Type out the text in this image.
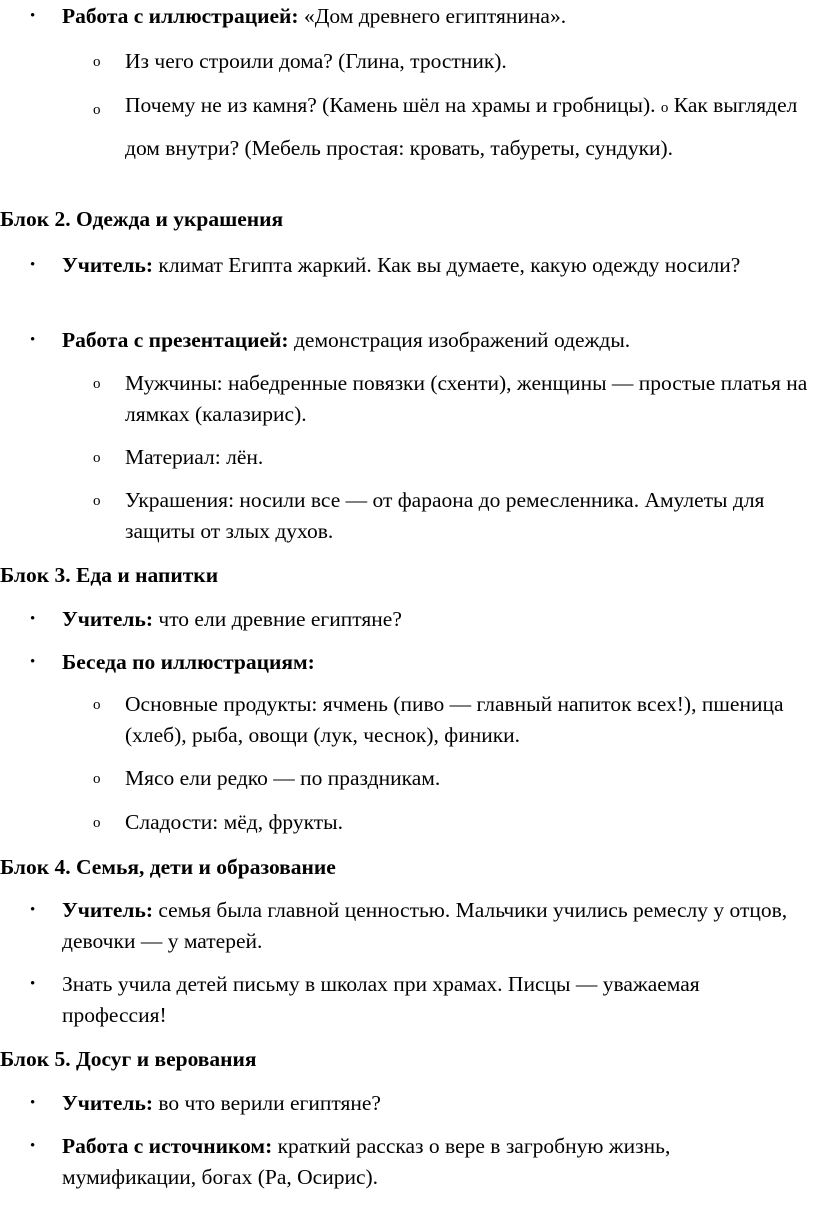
• Работа с иллюстрацией: «Дом древнего египтянина».
o Из чего строили дома? (Глина, тростник).
o Почему не из камня? (Камень шёл на храмы и гробницы). o Как выглядел дом внутри? (Мебель простая: кровать, табуреты, сундуки).
Блок 2. Одежда и украшения
• Учитель: климат Египта жаркий. Как вы думаете, какую одежду носили?
• Работа с презентацией: демонстрация изображений одежды.
o Мужчины: набедренные повязки (схенти), женщины — простые платья на лямках (калазирис).
o Материал: лён.
o Украшения: носили все — от фараона до ремесленника. Амулеты для защиты от злых духов.
Блок 3. Еда и напитки
• Учитель: что ели древние египтяне?
• Беседа по иллюстрациям:
o Основные продукты: ячмень (пиво — главный напиток всех!), пшеница (хлеб), рыба, овощи (лук, чеснок), финики.
o Мясо ели редко — по праздникам.
o Сладости: мёд, фрукты.
Блок 4. Семья, дети и образование
• Учитель: семья была главной ценностью. Мальчики учились ремеслу у отцов, девочки — у матерей.
• Знать учила детей письму в школах при храмах. Писцы — уважаемая профессия!
Блок 5. Досуг и верования
• Учитель: во что верили египтяне?
• Работа с источником: краткий рассказ о вере в загробную жизнь, мумификации, богах (Ра, Осирис).
